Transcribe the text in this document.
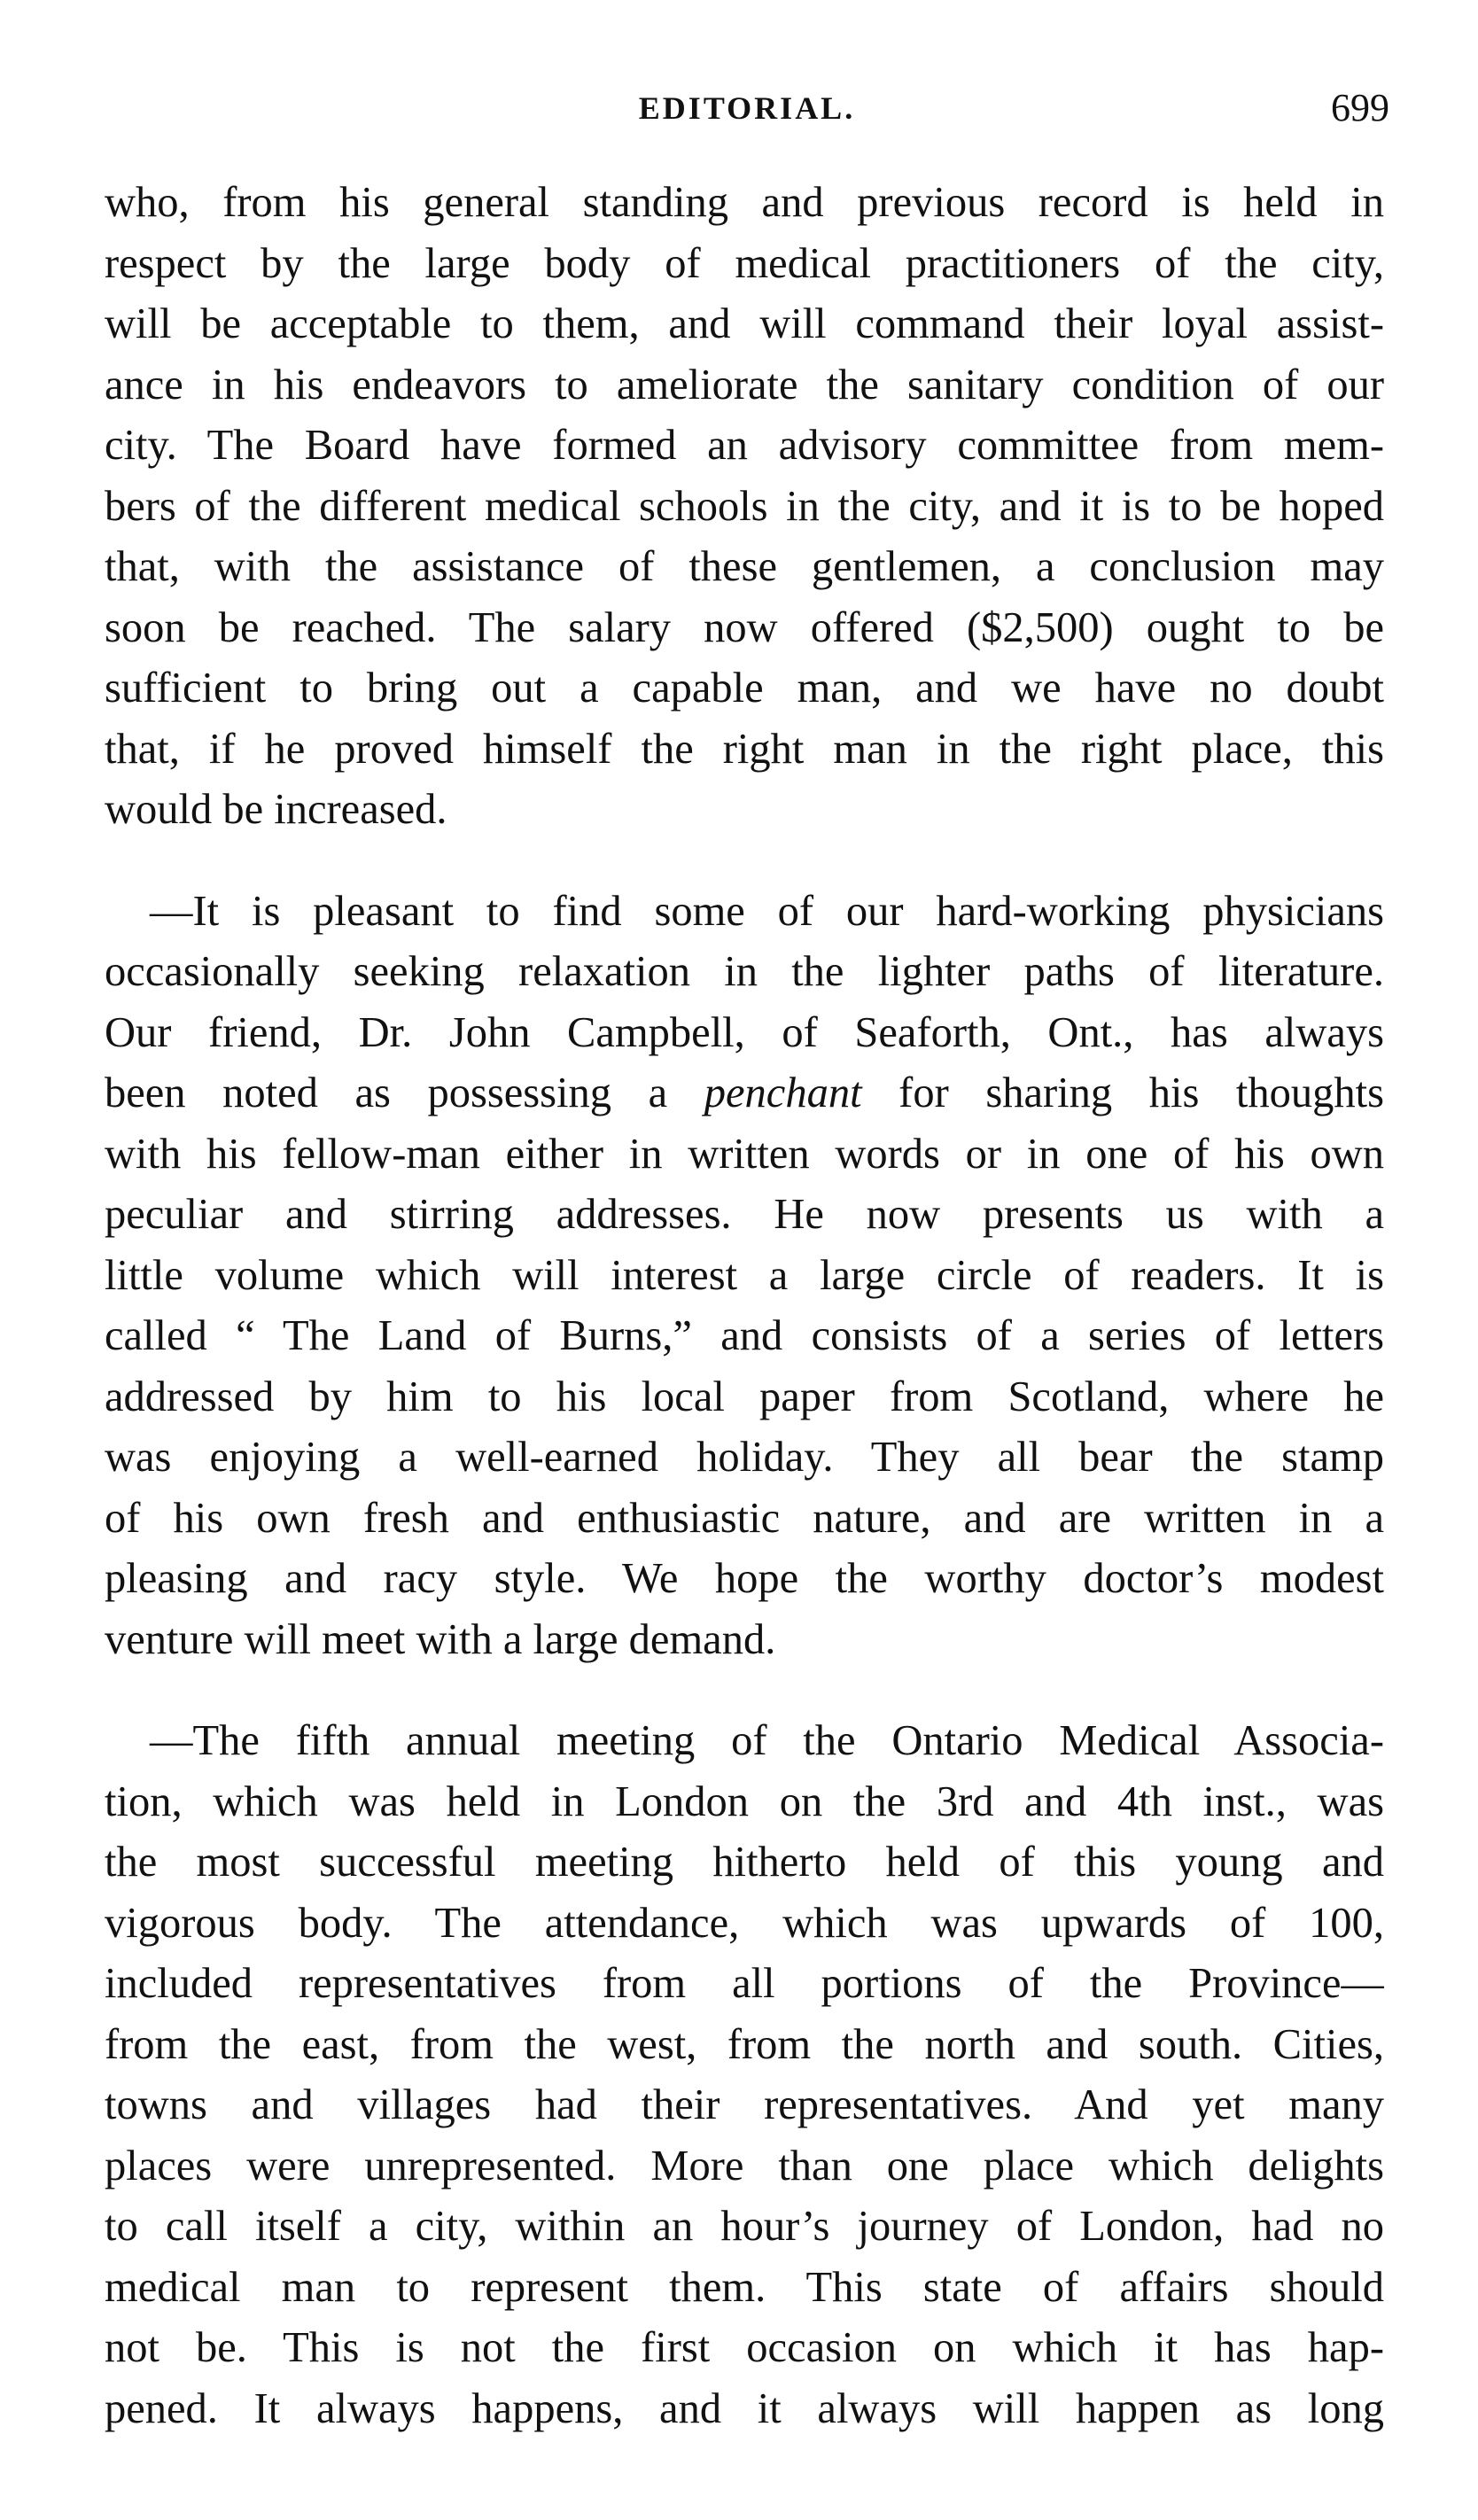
EDITORIAL.	699
who, from his general standing and previous record is held in
respect by the large body of medical practitioners of the city,
will be acceptable to them, and will command their loyal assist-
ance in his endeavors to ameliorate the sanitary condition of our
city. The Board have formed an advisory committee from mem-
bers of the different medical schools in the city, and it is to be hoped
that, with the assistance of these gentlemen, a conclusion may
soon be reached. The salary now offered ($2,500) ought to be
sufficient to bring out a capable man, and we have no doubt
that, if he proved himself the right man in the right place, this
would be increased.
—It is pleasant to find some of our hard-working physicians
occasionally seeking relaxation in the lighter paths of literature.
Our friend, Dr. John Campbell, of Seaforth, Ont., has always
been noted as possessing a penchant for sharing his thoughts
with his fellow-man either in written words or in one of his own
peculiar and stirring addresses. He now presents us with a
little volume which will interest a large circle of readers. It is
called “ The Land of Burns,” and consists of a series of letters
addressed by him to his local paper from Scotland, where he
was enjoying a well-earned holiday. They all bear the stamp
of his own fresh and enthusiastic nature, and are written in a
pleasing and racy style. We hope the worthy doctor’s modest
venture will meet with a large demand.
—The fifth annual meeting of the Ontario Medical Associa-
tion, which was held in London on the 3rd and 4th inst., was
the most successful meeting hitherto held of this young and
vigorous body. The attendance, which was upwards of 100,
included representatives from all portions of the Province—
from the east, from the west, from the north and south. Cities,
towns and villages had their representatives. And yet many
places were unrepresented. More than one place which delights
to call itself a city, within an hour’s journey of London, had no
medical man to represent them. This state of affairs should
not be. This is not the first occasion on which it has hap-
pened. It always happens, and it always will happen as long
